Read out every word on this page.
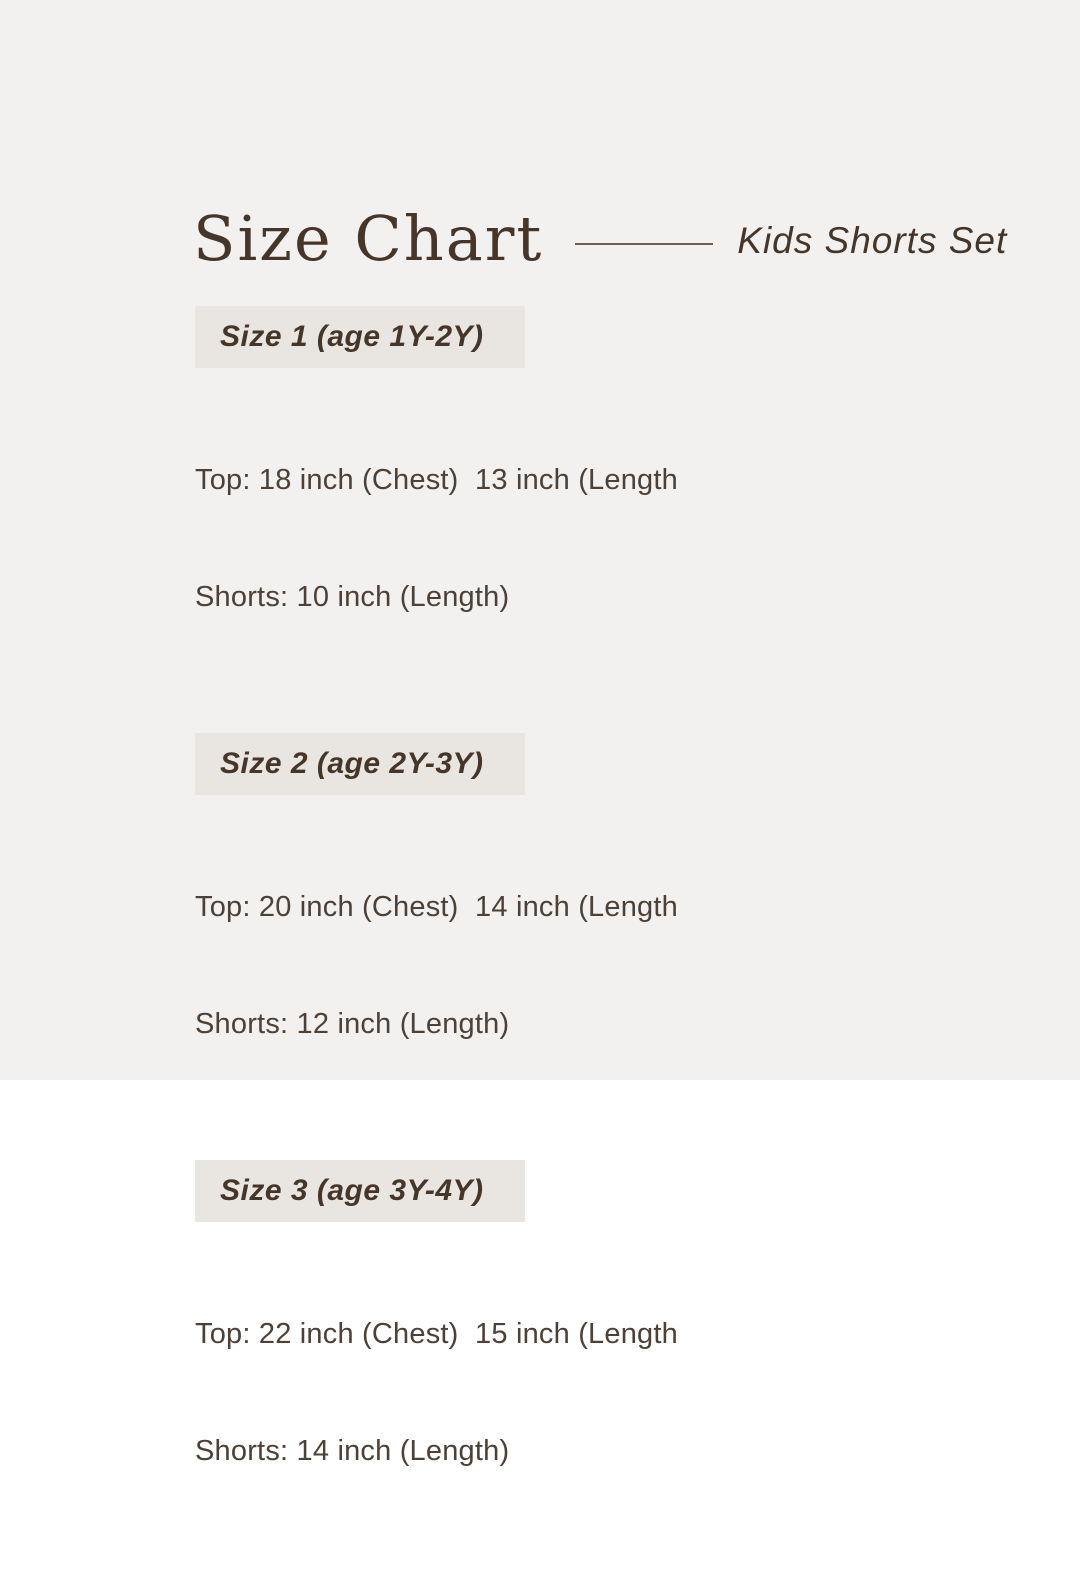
Size Chart	Kids Shorts Set
Size 1 (age 1Y-2Y)

Top: 18 inch (Chest)  13 inch (Length

Shorts: 10 inch (Length)

Size 2 (age 2Y-3Y)

Top: 20 inch (Chest)  14 inch (Length

Shorts: 12 inch (Length)

Size 3 (age 3Y-4Y)

Top: 22 inch (Chest)  15 inch (Length

Shorts: 14 inch (Length)
